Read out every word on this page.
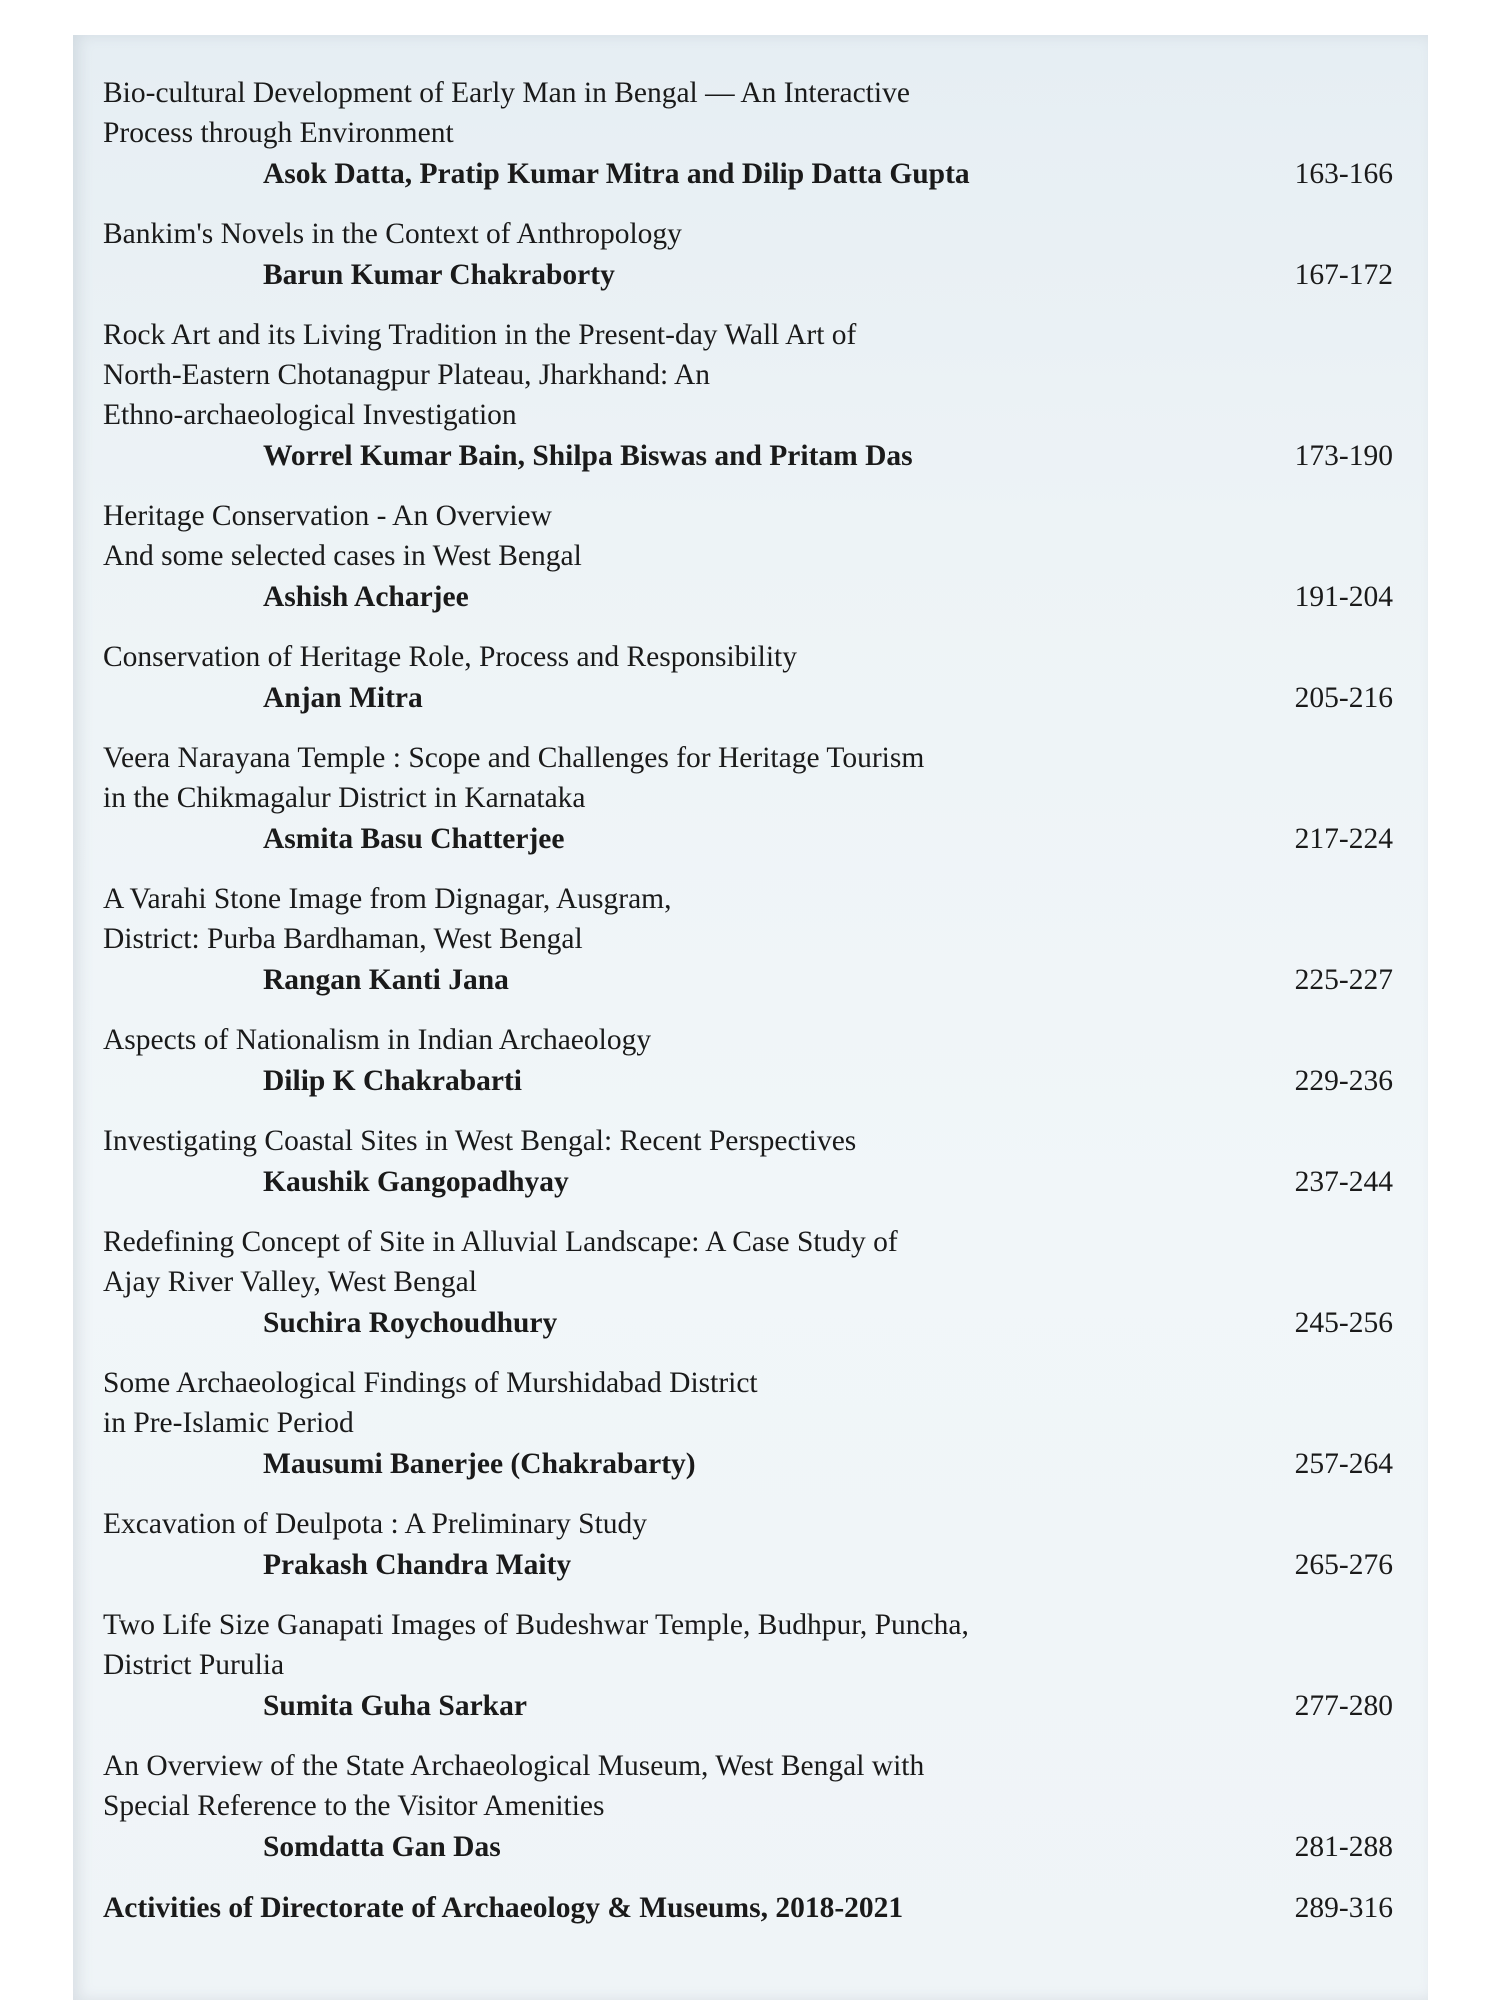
Bio-cultural Development of Early Man in Bengal — An Interactive
Process through Environment
Asok Datta, Pratip Kumar Mitra and Dilip Datta Gupta	163-166
Bankim's Novels in the Context of Anthropology
Barun Kumar Chakraborty	167-172
Rock Art and its Living Tradition in the Present-day Wall Art of
North-Eastern Chotanagpur Plateau, Jharkhand: An
Ethno-archaeological Investigation
Worrel Kumar Bain, Shilpa Biswas and Pritam Das	173-190
Heritage Conservation - An Overview
And some selected cases in West Bengal
Ashish Acharjee	191-204
Conservation of Heritage Role, Process and Responsibility
Anjan Mitra	205-216
Veera Narayana Temple : Scope and Challenges for Heritage Tourism
in the Chikmagalur District in Karnataka
Asmita Basu Chatterjee	217-224
A Varahi Stone Image from Dignagar, Ausgram,
District: Purba Bardhaman, West Bengal
Rangan Kanti Jana	225-227
Aspects of Nationalism in Indian Archaeology
Dilip K Chakrabarti	229-236
Investigating Coastal Sites in West Bengal: Recent Perspectives
Kaushik Gangopadhyay	237-244
Redefining Concept of Site in Alluvial Landscape: A Case Study of
Ajay River Valley, West Bengal
Suchira Roychoudhury	245-256
Some Archaeological Findings of Murshidabad District
in Pre-Islamic Period
Mausumi Banerjee (Chakrabarty)	257-264
Excavation of Deulpota : A Preliminary Study
Prakash Chandra Maity	265-276
Two Life Size Ganapati Images of Budeshwar Temple, Budhpur, Puncha,
District Purulia
Sumita Guha Sarkar	277-280
An Overview of the State Archaeological Museum, West Bengal with
Special Reference to the Visitor Amenities
Somdatta Gan Das	281-288
Activities of Directorate of Archaeology & Museums, 2018-2021	289-316
